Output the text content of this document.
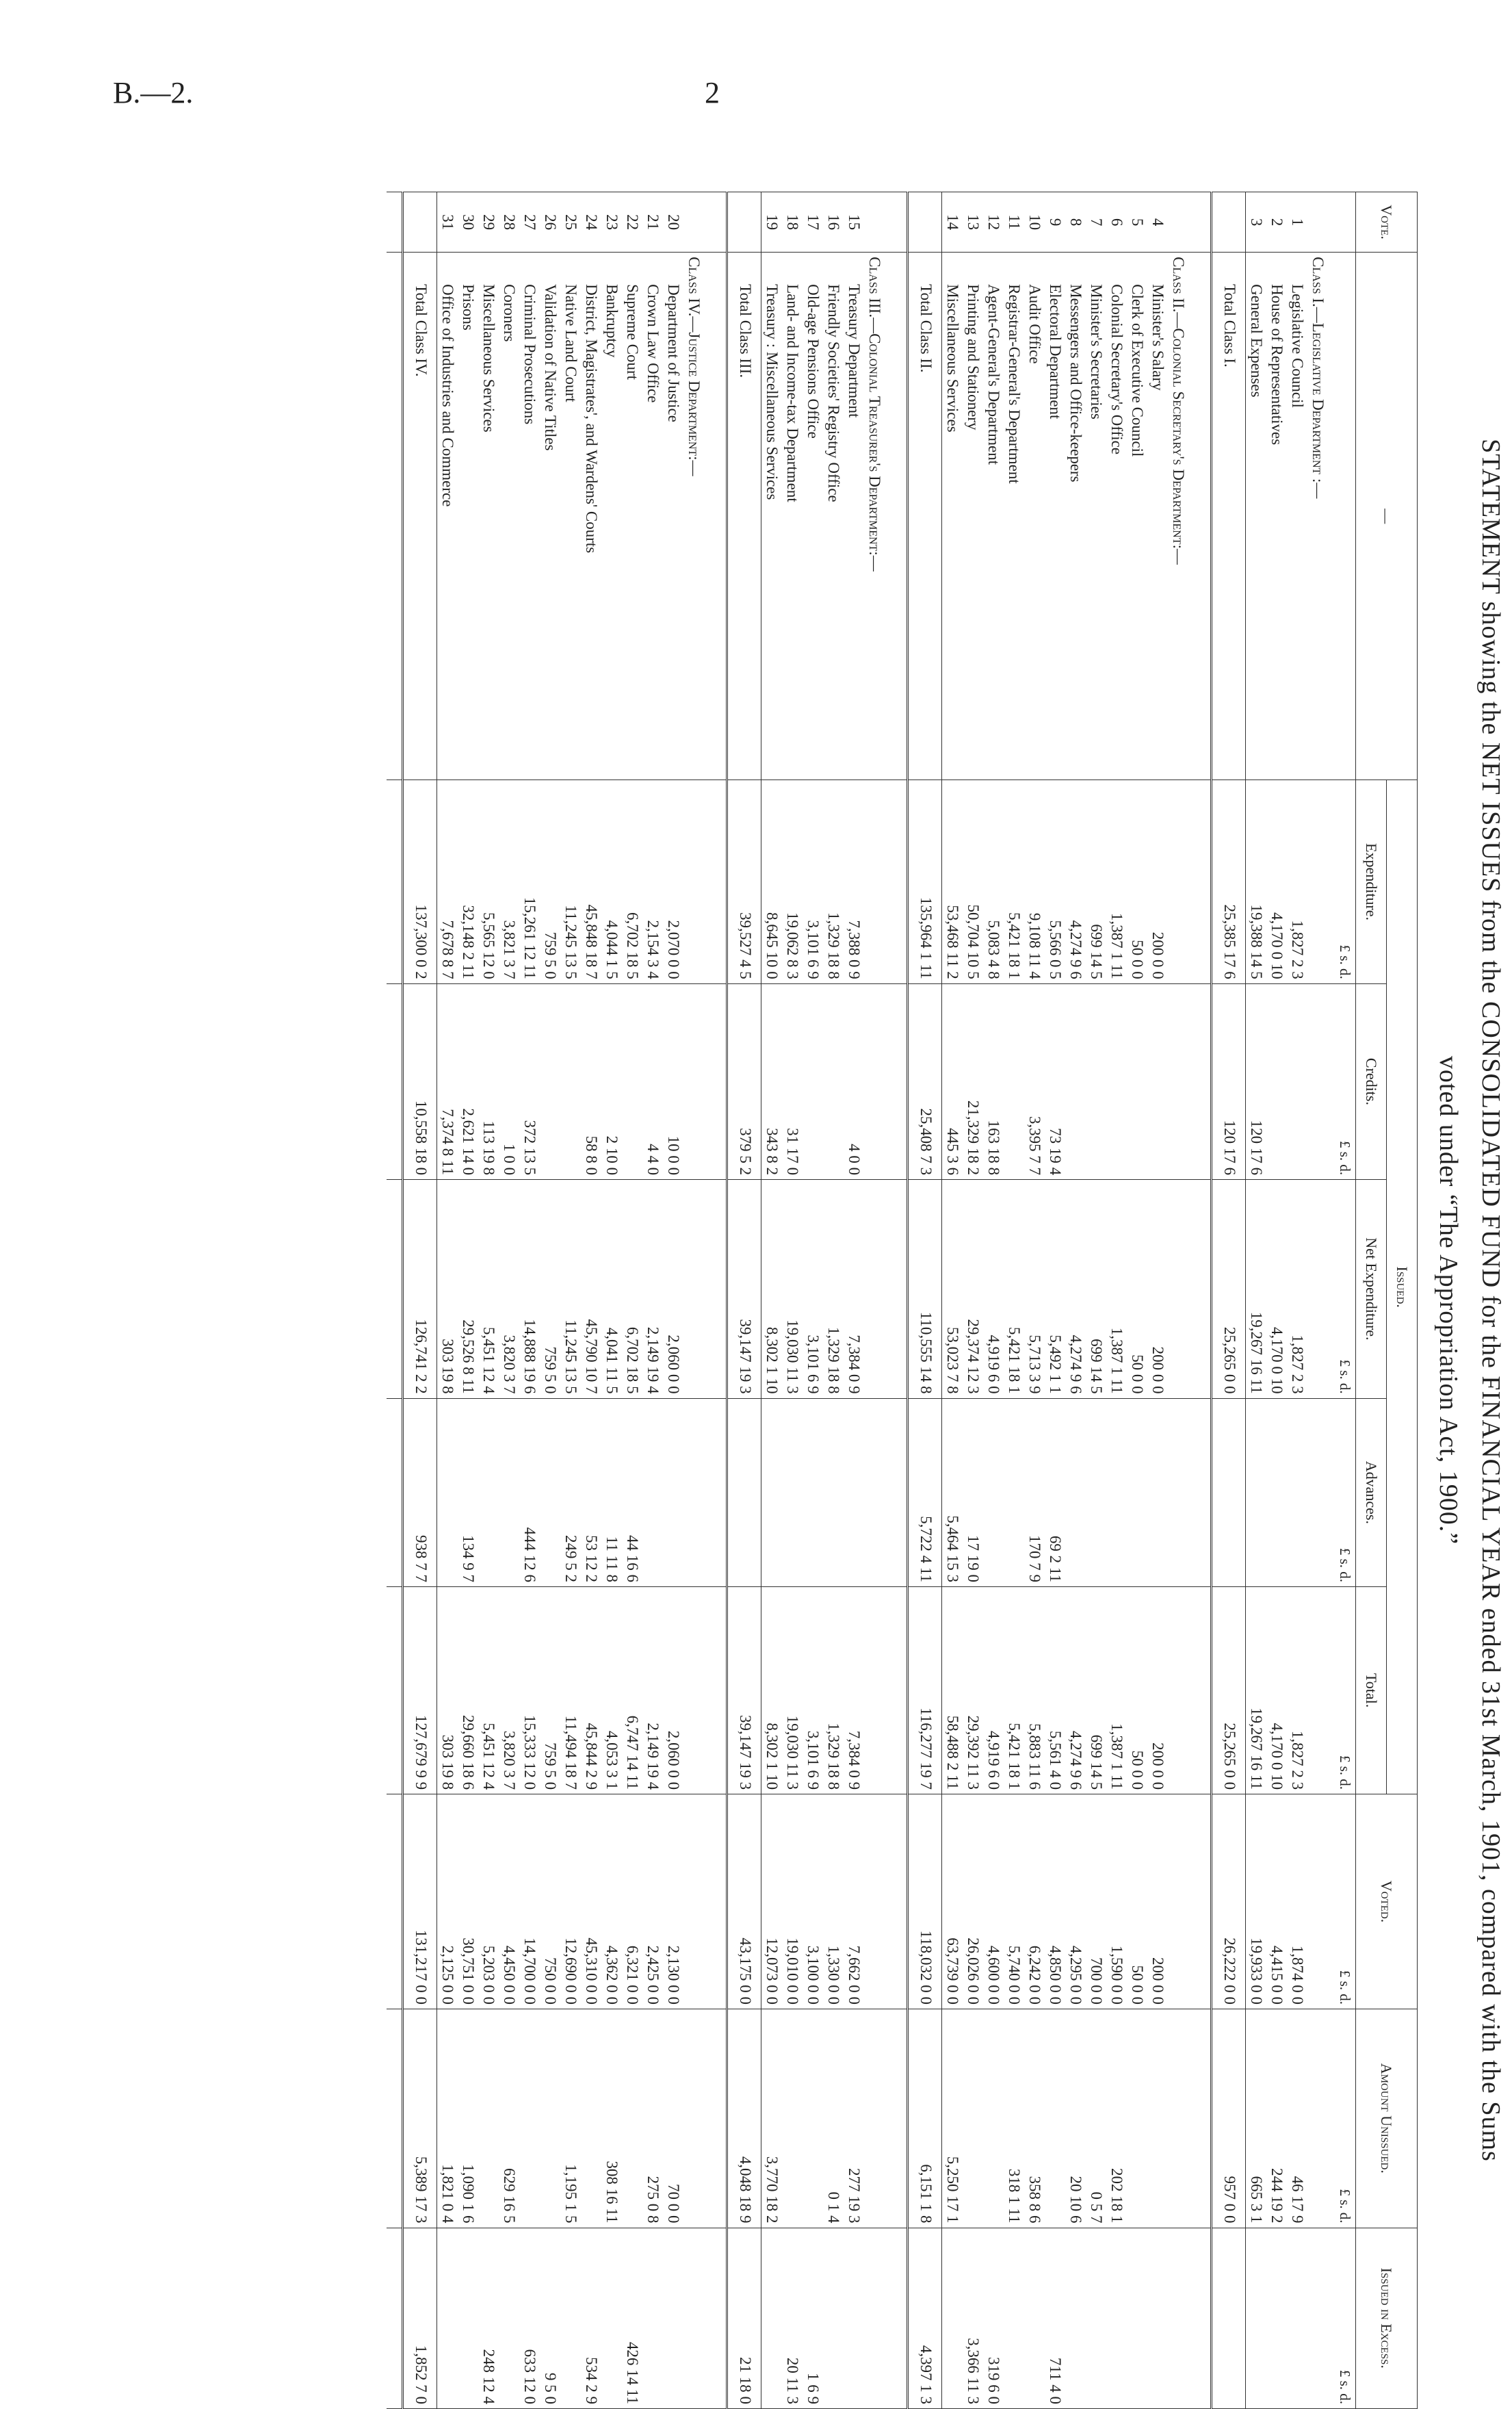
B.—2.	2
STATEMENT showing the NET ISSUES from the CONSOLIDATED FUND for the FINANCIAL YEAR ended 31st March, 1901, compared with the Sums
voted under “The Appropriation Act, 1900.”
Vote.	—	Issued.					Voted.	Amount Unissued.	Issued in Excess.
		Expenditure.	Credits.	Net Expenditure.	Advances.	Total.			
		£ s. d.	£ s. d.	£ s. d.	£ s. d.	£ s. d.	£ s. d.	£ s. d.	£ s. d.
	Class I.—Legislative Department :—								
1	Legislative Council	1,827 2 3		1,827 2 3		1,827 2 3	1,874 0 0	46 17 9	
2	House of Representatives	4,170 0 10		4,170 0 10		4,170 0 10	4,415 0 0	244 19 2	
3	General Expenses	19,388 14 5	120 17 6	19,267 16 11		19,267 16 11	19,933 0 0	665 3 1	
	Total Class I.	25,385 17 6	120 17 6	25,265 0 0		25,265 0 0	26,222 0 0	957 0 0	

	Class II.—Colonial Secretary's Department:—								
4	Minister's Salary	200 0 0		200 0 0		200 0 0	200 0 0		
5	Clerk of Executive Council	50 0 0		50 0 0		50 0 0	50 0 0		
6	Colonial Secretary's Office	1,387 1 11		1,387 1 11		1,387 1 11	1,590 0 0	202 18 1	
7	Minister's Secretaries	699 14 5		699 14 5		699 14 5	700 0 0	0 5 7	
8	Messengers and Office-keepers	4,274 9 6		4,274 9 6		4,274 9 6	4,295 0 0	20 10 6	
9	Electoral Department	5,566 0 5	73 19 4	5,492 1 1	69 2 11	5,561 4 0	4,850 0 0		711 4 0
10	Audit Office	9,108 11 4	3,395 7 7	5,713 3 9	170 7 9	5,883 11 6	6,242 0 0	358 8 6	
11	Registrar-General's Department	5,421 18 1		5,421 18 1		5,421 18 1	5,740 0 0	318 1 11	
12	Agent-General's Department	5,083 4 8	163 18 8	4,919 6 0		4,919 6 0	4,600 0 0		319 6 0
13	Printing and Stationery	50,704 10 5	21,329 18 2	29,374 12 3	17 19 0	29,392 11 3	26,026 0 0		3,366 11 3
14	Miscellaneous Services	53,468 11 2	445 3 6	53,023 7 8	5,464 15 3	58,488 2 11	63,739 0 0	5,250 17 1	
	Total Class II.	135,964 1 11	25,408 7 3	110,555 14 8	5,722 4 11	116,277 19 7	118,032 0 0	6,151 1 8	4,397 1 3

	Class III.—Colonial Treasurer's Department:—								
15	Treasury Department	7,388 0 9	4 0 0	7,384 0 9		7,384 0 9	7,662 0 0	277 19 3	
16	Friendly Societies' Registry Office	1,329 18 8		1,329 18 8		1,329 18 8	1,330 0 0	0 1 4	
17	Old-age Pensions Office	3,101 6 9		3,101 6 9		3,101 6 9	3,100 0 0		1 6 9
18	Land- and Income-tax Department	19,062 8 3	31 17 0	19,030 11 3		19,030 11 3	19,010 0 0		20 11 3
19	Treasury : Miscellaneous Services	8,645 10 0	343 8 2	8,302 1 10		8,302 1 10	12,073 0 0	3,770 18 2	
	Total Class III.	39,527 4 5	379 5 2	39,147 19 3		39,147 19 3	43,175 0 0	4,048 18 9	21 18 0

	Class IV.—Justice Department:—								
20	Department of Justice	2,070 0 0	10 0 0	2,060 0 0		2,060 0 0	2,130 0 0	70 0 0	
21	Crown Law Office	2,154 3 4	4 4 0	2,149 19 4		2,149 19 4	2,425 0 0	275 0 8	
22	Supreme Court	6,702 18 5		6,702 18 5	44 16 6	6,747 14 11	6,321 0 0		426 14 11
23	Bankruptcy	4,044 1 5	2 10 0	4,041 11 5	11 11 8	4,053 3 1	4,362 0 0	308 16 11	
24	District, Magistrates', and Wardens' Courts	45,848 18 7	58 8 0	45,790 10 7	53 12 2	45,844 2 9	45,310 0 0		534 2 9
25	Native Land Court	11,245 13 5		11,245 13 5	249 5 2	11,494 18 7	12,690 0 0	1,195 1 5	
26	Validation of Native Titles	759 5 0		759 5 0		759 5 0	750 0 0		9 5 0
27	Criminal Prosecutions	15,261 12 11	372 13 5	14,888 19 6	444 12 6	15,333 12 0	14,700 0 0		633 12 0
28	Coroners	3,821 3 7	1 0 0	3,820 3 7		3,820 3 7	4,450 0 0	629 16 5	
29	Miscellaneous Services	5,565 12 0	113 19 8	5,451 12 4		5,451 12 4	5,203 0 0		248 12 4
30	Prisons	32,148 2 11	2,621 14 0	29,526 8 11	134 9 7	29,660 18 6	30,751 0 0	1,090 1 6	
31	Office of Industries and Commerce	7,678 8 7	7,374 8 11	303 19 8		303 19 8	2,125 0 0	1,821 0 4	
	Total Class IV.	137,300 0 2	10,558 18 0	126,741 2 2	938 7 7	127,679 9 9	131,217 0 0	5,389 17 3	1,852 7 0
